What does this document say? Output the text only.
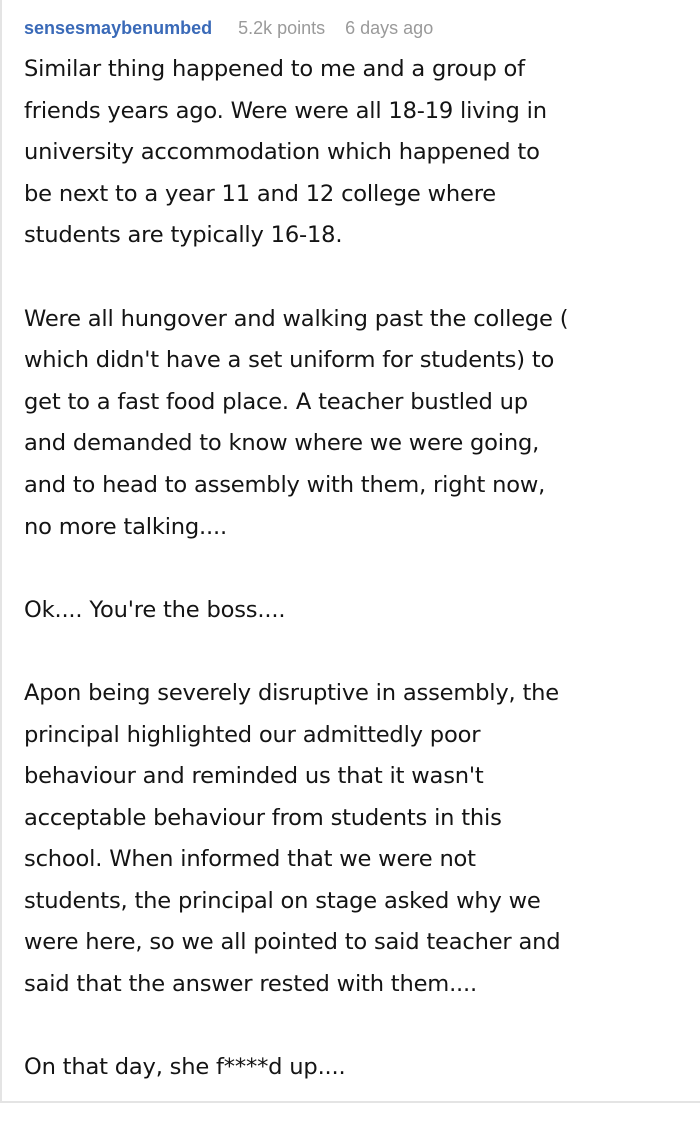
sensesmaybenumbed 5.2k points 6 days ago

Similar thing happened to me and a group of
friends years ago. Were were all 18-19 living in
university accommodation which happened to
be next to a year 11 and 12 college where
students are typically 16-18.

Were all hungover and walking past the college (
which didn't have a set uniform for students) to
get to a fast food place. A teacher bustled up
and demanded to know where we were going,
and to head to assembly with them, right now,
no more talking....

Ok.... You're the boss....

Apon being severely disruptive in assembly, the
principal highlighted our admittedly poor
behaviour and reminded us that it wasn't
acceptable behaviour from students in this
school. When informed that we were not
students, the principal on stage asked why we
were here, so we all pointed to said teacher and
said that the answer rested with them....

On that day, she f****d up....
